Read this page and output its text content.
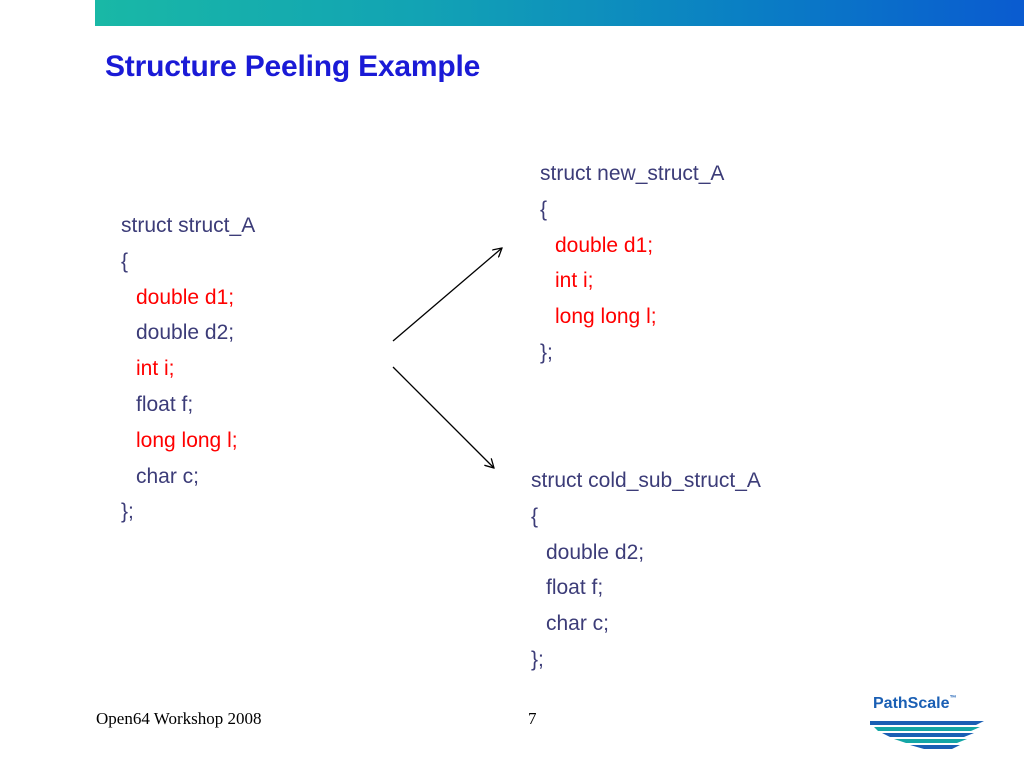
Structure Peeling Example
struct struct_A
{
double d1;
double d2;
int i;
float f;
long long l;
char c;
};
struct new_struct_A
{
double d1;
int i;
long long l;
};
struct cold_sub_struct_A
{
double d2;
float f;
char c;
};
Open64 Workshop 2008	7
PathScale™
